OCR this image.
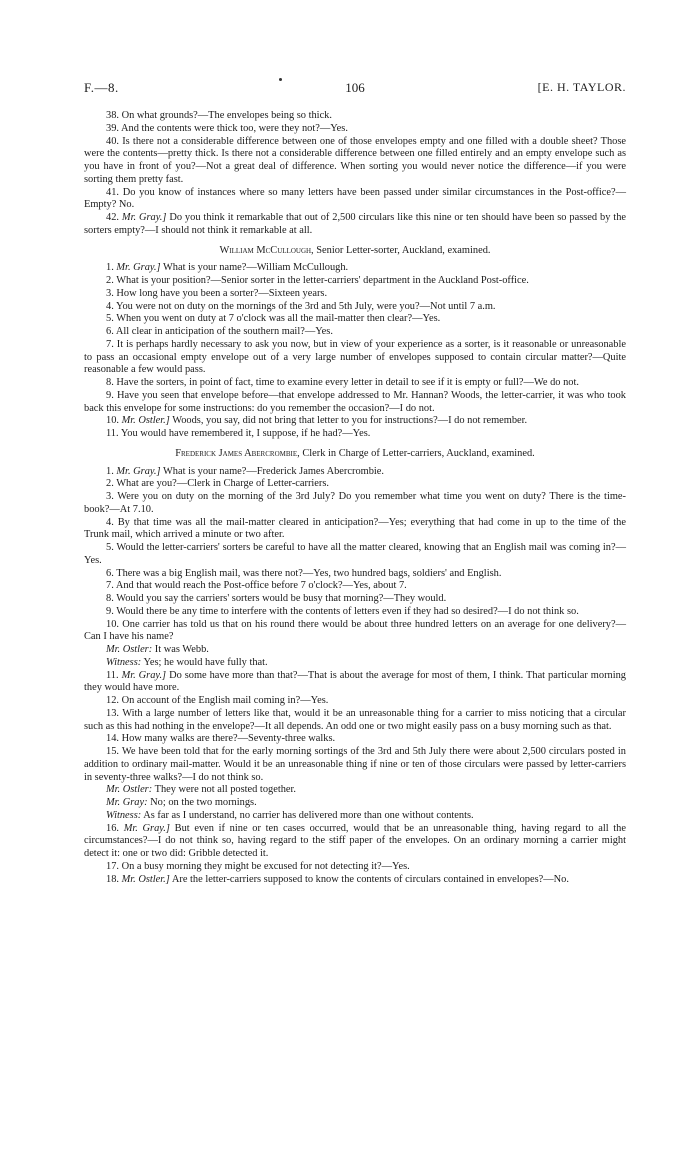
F.—8.	106	[E. H. TAYLOR.

38. On what grounds?—The envelopes being so thick.

39. And the contents were thick too, were they not?—Yes.

40. Is there not a considerable difference between one of those envelopes empty and one filled with a double sheet? Those were the contents—pretty thick. Is there not a considerable difference between one filled entirely and an empty envelope such as you have in front of you?—Not a great deal of difference. When sorting you would never notice the difference—if you were sorting them pretty fast.

41. Do you know of instances where so many letters have been passed under similar circumstances in the Post-office?—Empty? No.

42. Mr. Gray.] Do you think it remarkable that out of 2,500 circulars like this nine or ten should have been so passed by the sorters empty?—I should not think it remarkable at all.

William McCullough, Senior Letter-sorter, Auckland, examined.

1. Mr. Gray.] What is your name?—William McCullough.

2. What is your position?—Senior sorter in the letter-carriers' department in the Auckland Post-office.

3. How long have you been a sorter?—Sixteen years.

4. You were not on duty on the mornings of the 3rd and 5th July, were you?—Not until 7 a.m.

5. When you went on duty at 7 o'clock was all the mail-matter then clear?—Yes.

6. All clear in anticipation of the southern mail?—Yes.

7. It is perhaps hardly necessary to ask you now, but in view of your experience as a sorter, is it reasonable or unreasonable to pass an occasional empty envelope out of a very large number of envelopes supposed to contain circular matter?—Quite reasonable a few would pass.

8. Have the sorters, in point of fact, time to examine every letter in detail to see if it is empty or full?—We do not.

9. Have you seen that envelope before—that envelope addressed to Mr. Hannan? Woods, the letter-carrier, it was who took back this envelope for some instructions: do you remember the occasion?—I do not.

10. Mr. Ostler.] Woods, you say, did not bring that letter to you for instructions?—I do not remember.

11. You would have remembered it, I suppose, if he had?—Yes.

Frederick James Abercrombie, Clerk in Charge of Letter-carriers, Auckland, examined.

1. Mr. Gray.] What is your name?—Frederick James Abercrombie.

2. What are you?—Clerk in Charge of Letter-carriers.

3. Were you on duty on the morning of the 3rd July? Do you remember what time you went on duty? There is the time-book?—At 7.10.

4. By that time was all the mail-matter cleared in anticipation?—Yes; everything that had come in up to the time of the Trunk mail, which arrived a minute or two after.

5. Would the letter-carriers' sorters be careful to have all the matter cleared, knowing that an English mail was coming in?—Yes.

6. There was a big English mail, was there not?—Yes, two hundred bags, soldiers' and English.

7. And that would reach the Post-office before 7 o'clock?—Yes, about 7.

8. Would you say the carriers' sorters would be busy that morning?—They would.

9. Would there be any time to interfere with the contents of letters even if they had so desired?—I do not think so.

10. One carrier has told us that on his round there would be about three hundred letters on an average for one delivery?—Can I have his name?

Mr. Ostler: It was Webb.

Witness: Yes; he would have fully that.

11. Mr. Gray.] Do some have more than that?—That is about the average for most of them, I think. That particular morning they would have more.

12. On account of the English mail coming in?—Yes.

13. With a large number of letters like that, would it be an unreasonable thing for a carrier to miss noticing that a circular such as this had nothing in the envelope?—It all depends. An odd one or two might easily pass on a busy morning such as that.

14. How many walks are there?—Seventy-three walks.

15. We have been told that for the early morning sortings of the 3rd and 5th July there were about 2,500 circulars posted in addition to ordinary mail-matter. Would it be an unreasonable thing if nine or ten of those circulars were passed by letter-carriers in seventy-three walks?—I do not think so.

Mr. Ostler: They were not all posted together.

Mr. Gray: No; on the two mornings.

Witness: As far as I understand, no carrier has delivered more than one without contents.

16. Mr. Gray.] But even if nine or ten cases occurred, would that be an unreasonable thing, having regard to all the circumstances?—I do not think so, having regard to the stiff paper of the envelopes. On an ordinary morning a carrier might detect it: one or two did: Gribble detected it.

17. On a busy morning they might be excused for not detecting it?—Yes.

18. Mr. Ostler.] Are the letter-carriers supposed to know the contents of circulars contained in envelopes?—No.
